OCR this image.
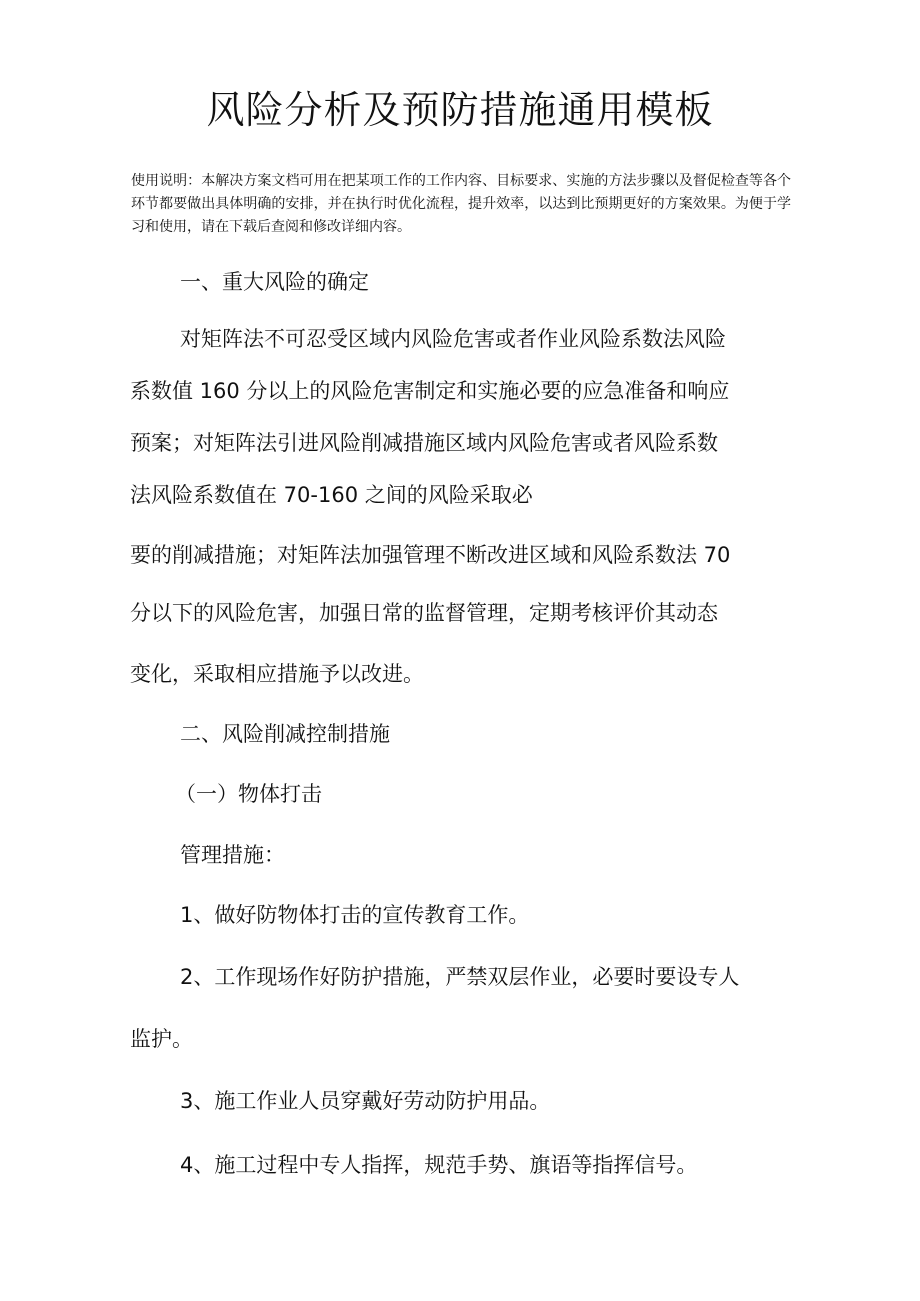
风险分析及预防措施通用模板

使用说明：本解决方案文档可用在把某项工作的工作内容、目标要求、实施的方法步骤以及督促检查等各个环节都要做出具体明确的安排，并在执行时优化流程，提升效率，以达到比预期更好的方案效果。为便于学习和使用，请在下载后查阅和修改详细内容。

一、重大风险的确定

对矩阵法不可忍受区域内风险危害或者作业风险系数法风险

系数值 160 分以上的风险危害制定和实施必要的应急准备和响应

预案；对矩阵法引进风险削减措施区域内风险危害或者风险系数

法风险系数值在 70-160 之间的风险采取必

要的削减措施；对矩阵法加强管理不断改进区域和风险系数法 70

分以下的风险危害，加强日常的监督管理，定期考核评价其动态

变化，采取相应措施予以改进。

二、风险削减控制措施

（一）物体打击

管理措施：

1、做好防物体打击的宣传教育工作。

2、工作现场作好防护措施，严禁双层作业，必要时要设专人

监护。

3、施工作业人员穿戴好劳动防护用品。

4、施工过程中专人指挥，规范手势、旗语等指挥信号。
